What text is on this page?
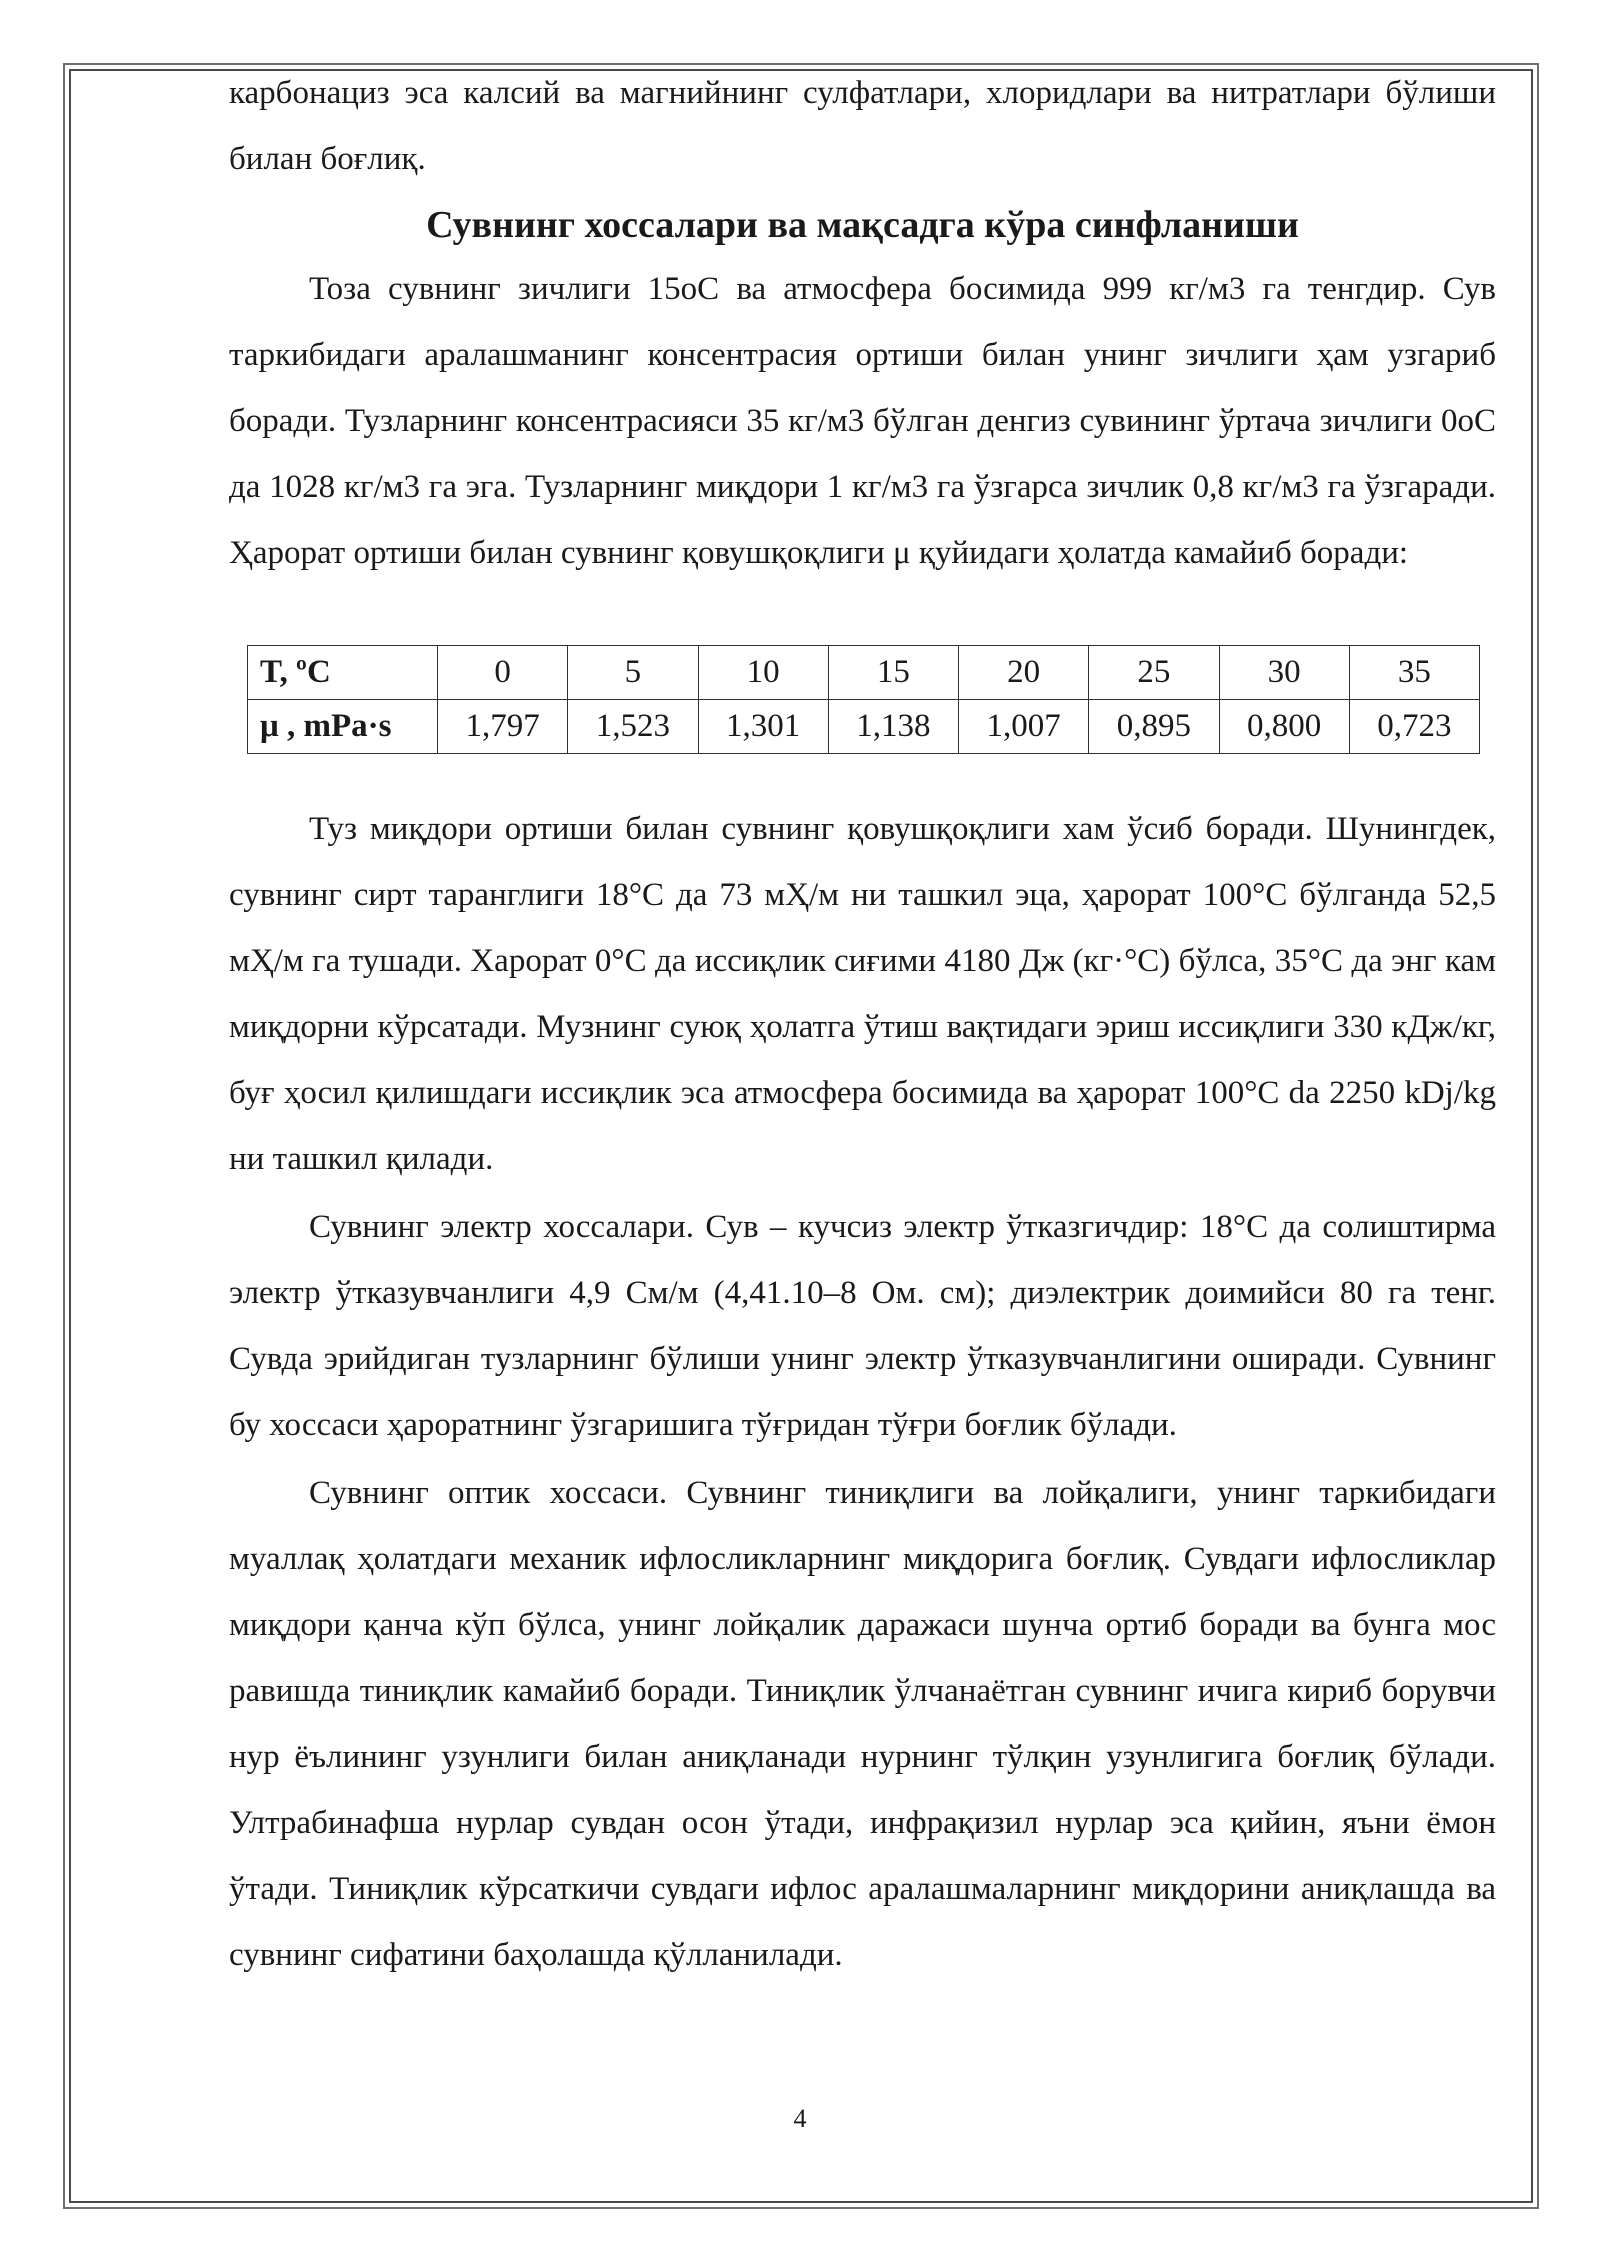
карбонациз эса калсий ва магнийнинг сулфатлари, хлоридлари ва нитратлари бўлиши билан боғлиқ.

Сувнинг хоссалари ва мақсадга кўра синфланиши

Тоза сувнинг зичлиги 15оС ва атмосфера босимида 999 кг/м3 га тенгдир. Сув таркибидаги аралашманинг консентрасия ортиши билан унинг зичлиги ҳам узгариб боради. Тузларнинг консентрасияси 35 кг/м3 бўлган денгиз сувининг ўртача зичлиги 0оС да 1028 кг/м3 га эга. Тузларнинг миқдори 1 кг/м3 га ўзгарса зичлик 0,8 кг/м3 га ўзгаради. Ҳарорат ортиши билан сувнинг қовушқоқлиги μ қуйидаги ҳолатда камайиб боради:

T, ºC	0	5	10	15	20	25	30	35
μ , mPa·s	1,797	1,523	1,301	1,138	1,007	0,895	0,800	0,723

Туз миқдори ортиши билан сувнинг қовушқоқлиги хам ўсиб боради. Шунингдек, сувнинг сирт таранглиги 18°С да 73 мҲ/м ни ташкил эца, ҳарорат 100°С бўлганда 52,5 мҲ/м га тушади. Харорат 0°С да иссиқлик сиғими 4180 Дж (кг·°С) бўлса, 35°С да энг кам миқдорни кўрсатади. Музнинг суюқ ҳолатга ўтиш вақтидаги эриш иссиқлиги 330 кДж/кг, буғ ҳосил қилишдаги иссиқлик эса атмосфера босимида ва ҳарорат 100°С da 2250 kDj/kg ни ташкил қилади.

Сувнинг электр хоссалари. Сув – кучсиз электр ўтказгичдир: 18°С да солиштирма электр ўтказувчанлиги 4,9 См/м (4,41.10–8 Ом. см); диэлектрик доимийси 80 га тенг. Сувда эрийдиган тузларнинг бўлиши унинг электр ўтказувчанлигини оширади. Сувнинг бу хоссаси ҳароратнинг ўзгаришига тўғридан тўғри боғлик бўлади.

Сувнинг оптик хоссаси. Сувнинг тиниқлиги ва лойқалиги, унинг таркибидаги муаллақ ҳолатдаги механик ифлосликларнинг миқдорига боғлиқ. Сувдаги ифлосликлар миқдори қанча кўп бўлса, унинг лойқалик даражаси шунча ортиб боради ва бунга мос равишда тиниқлик камайиб боради. Тиниқлик ўлчанаётган сувнинг ичига кириб борувчи нур ёълининг узунлиги билан аниқланади нурнинг тўлқин узунлигига боғлиқ бўлади. Ултрабинафша нурлар сувдан осон ўтади, инфрақизил нурлар эса қийин, яъни ёмон ўтади. Тиниқлик кўрсаткичи сувдаги ифлос аралашмаларнинг миқдорини аниқлашда ва сувнинг сифатини баҳолашда қўлланилади.

4
